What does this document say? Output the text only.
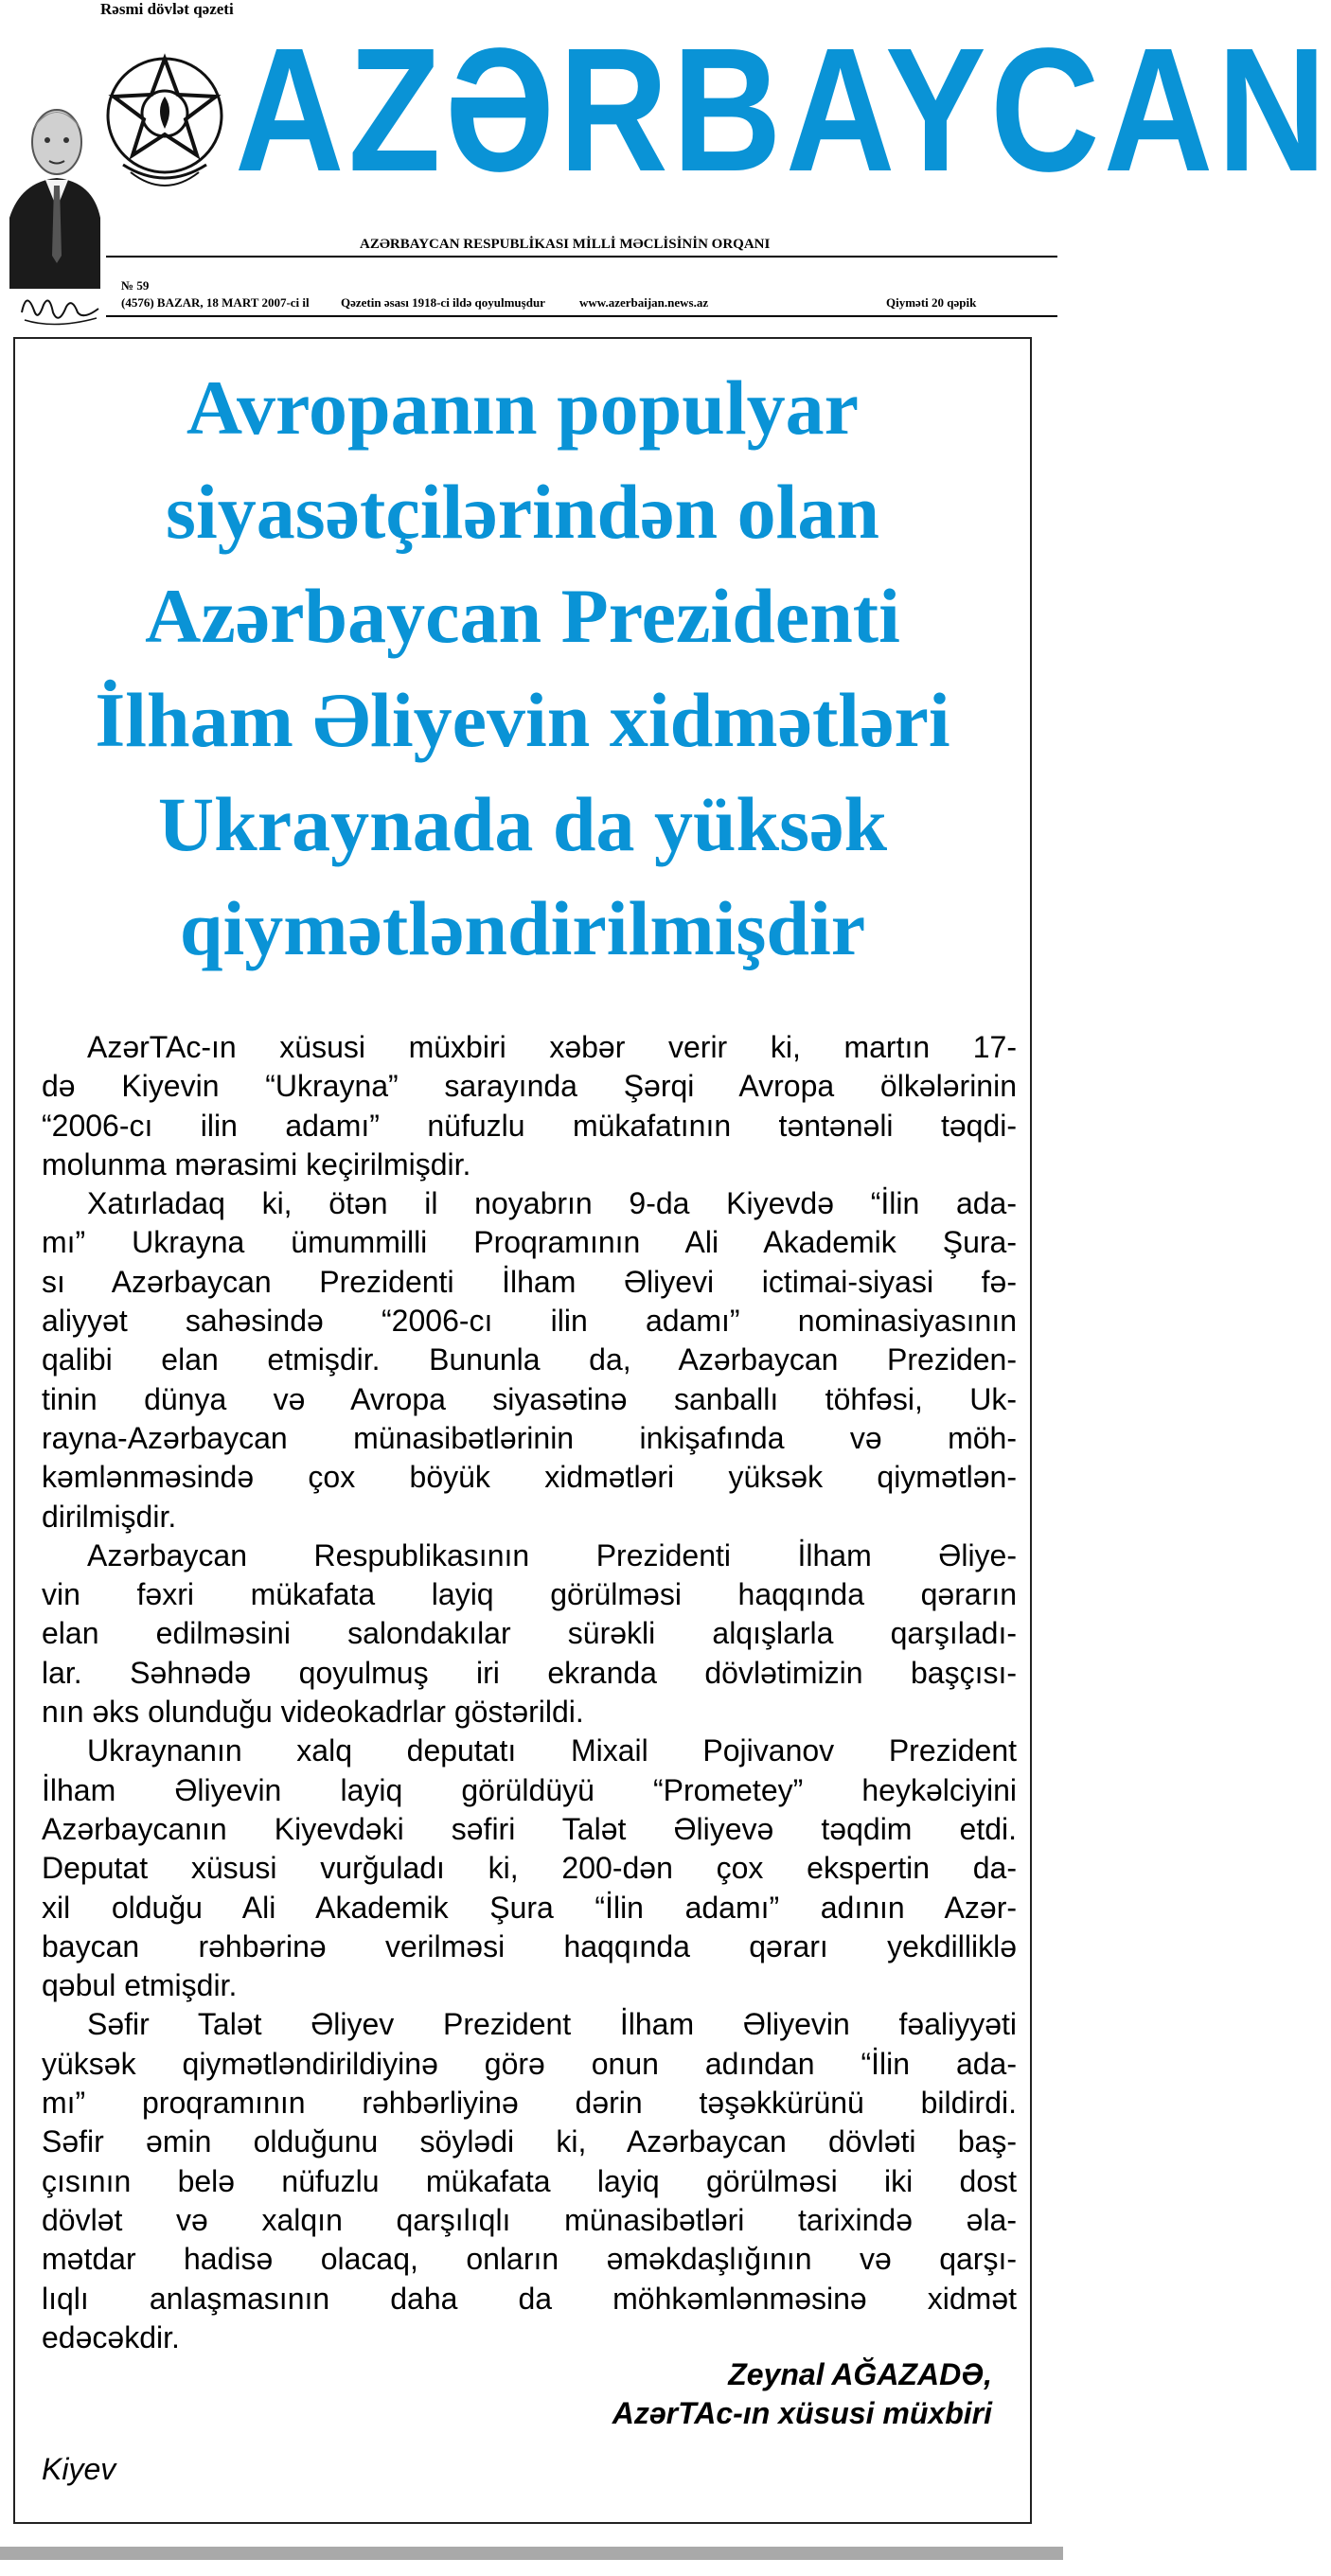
Rəsmi dövlət qəzeti
AZƏRBAYCAN
AZƏRBAYCAN RESPUBLİKASI MİLLİ MƏCLİSİNİN ORQANI
№ 59
(4576) BAZAR, 18 MART 2007-ci il	Qəzetin əsası 1918-ci ildə qoyulmuşdur	www.azerbaijan.news.az	Qiyməti 20 qəpik
Avropanın populyar
siyasətçilərindən olan
Azərbaycan Prezidenti
İlham Əliyevin xidmətləri
Ukraynada da yüksək
qiymətləndirilmişdir
AzərTAc-ın xüsusi müxbiri xəbər verir ki, martın 17-
də Kiyevin “Ukrayna” sarayında Şərqi Avropa ölkələrinin
“2006-cı ilin adamı” nüfuzlu mükafatının təntənəli təqdi-
molunma mərasimi keçirilmişdir.
Xatırladaq ki, ötən il noyabrın 9-da Kiyevdə “İlin ada-
mı” Ukrayna ümummilli Proqramının Ali Akademik Şura-
sı Azərbaycan Prezidenti İlham Əliyevi ictimai-siyasi fə-
aliyyət sahəsində “2006-cı ilin adamı” nominasiyasının
qalibi elan etmişdir. Bununla da, Azərbaycan Preziden-
tinin dünya və Avropa siyasətinə sanballı töhfəsi, Uk-
rayna-Azərbaycan münasibətlərinin inkişafında və möh-
kəmlənməsində çox böyük xidmətləri yüksək qiymətlən-
dirilmişdir.
Azərbaycan Respublikasının Prezidenti İlham Əliye-
vin fəxri mükafata layiq görülməsi haqqında qərarın
elan edilməsini salondakılar sürəkli alqışlarla qarşıladı-
lar. Səhnədə qoyulmuş iri ekranda dövlətimizin başçısı-
nın əks olunduğu videokadrlar göstərildi.
Ukraynanın xalq deputatı Mixail Pojivanov Prezident
İlham Əliyevin layiq görüldüyü “Prometey” heykəlciyini
Azərbaycanın Kiyevdəki səfiri Talət Əliyevə təqdim etdi.
Deputat xüsusi vurğuladı ki, 200-dən çox ekspertin da-
xil olduğu Ali Akademik Şura “İlin adamı” adının Azər-
baycan rəhbərinə verilməsi haqqında qərarı yekdilliklə
qəbul etmişdir.
Səfir Talət Əliyev Prezident İlham Əliyevin fəaliyyəti
yüksək qiymətləndirildiyinə görə onun adından “İlin ada-
mı” proqramının rəhbərliyinə dərin təşəkkürünü bildirdi.
Səfir əmin olduğunu söylədi ki, Azərbaycan dövləti baş-
çısının belə nüfuzlu mükafata layiq görülməsi iki dost
dövlət və xalqın qarşılıqlı münasibətləri tarixində əla-
mətdar hadisə olacaq, onların əməkdaşlığının və qarşı-
lıqlı anlaşmasının daha da möhkəmlənməsinə xidmət
edəcəkdir.
Zeynal AĞAZADƏ,
AzərTAc-ın xüsusi müxbiri
Kiyev
